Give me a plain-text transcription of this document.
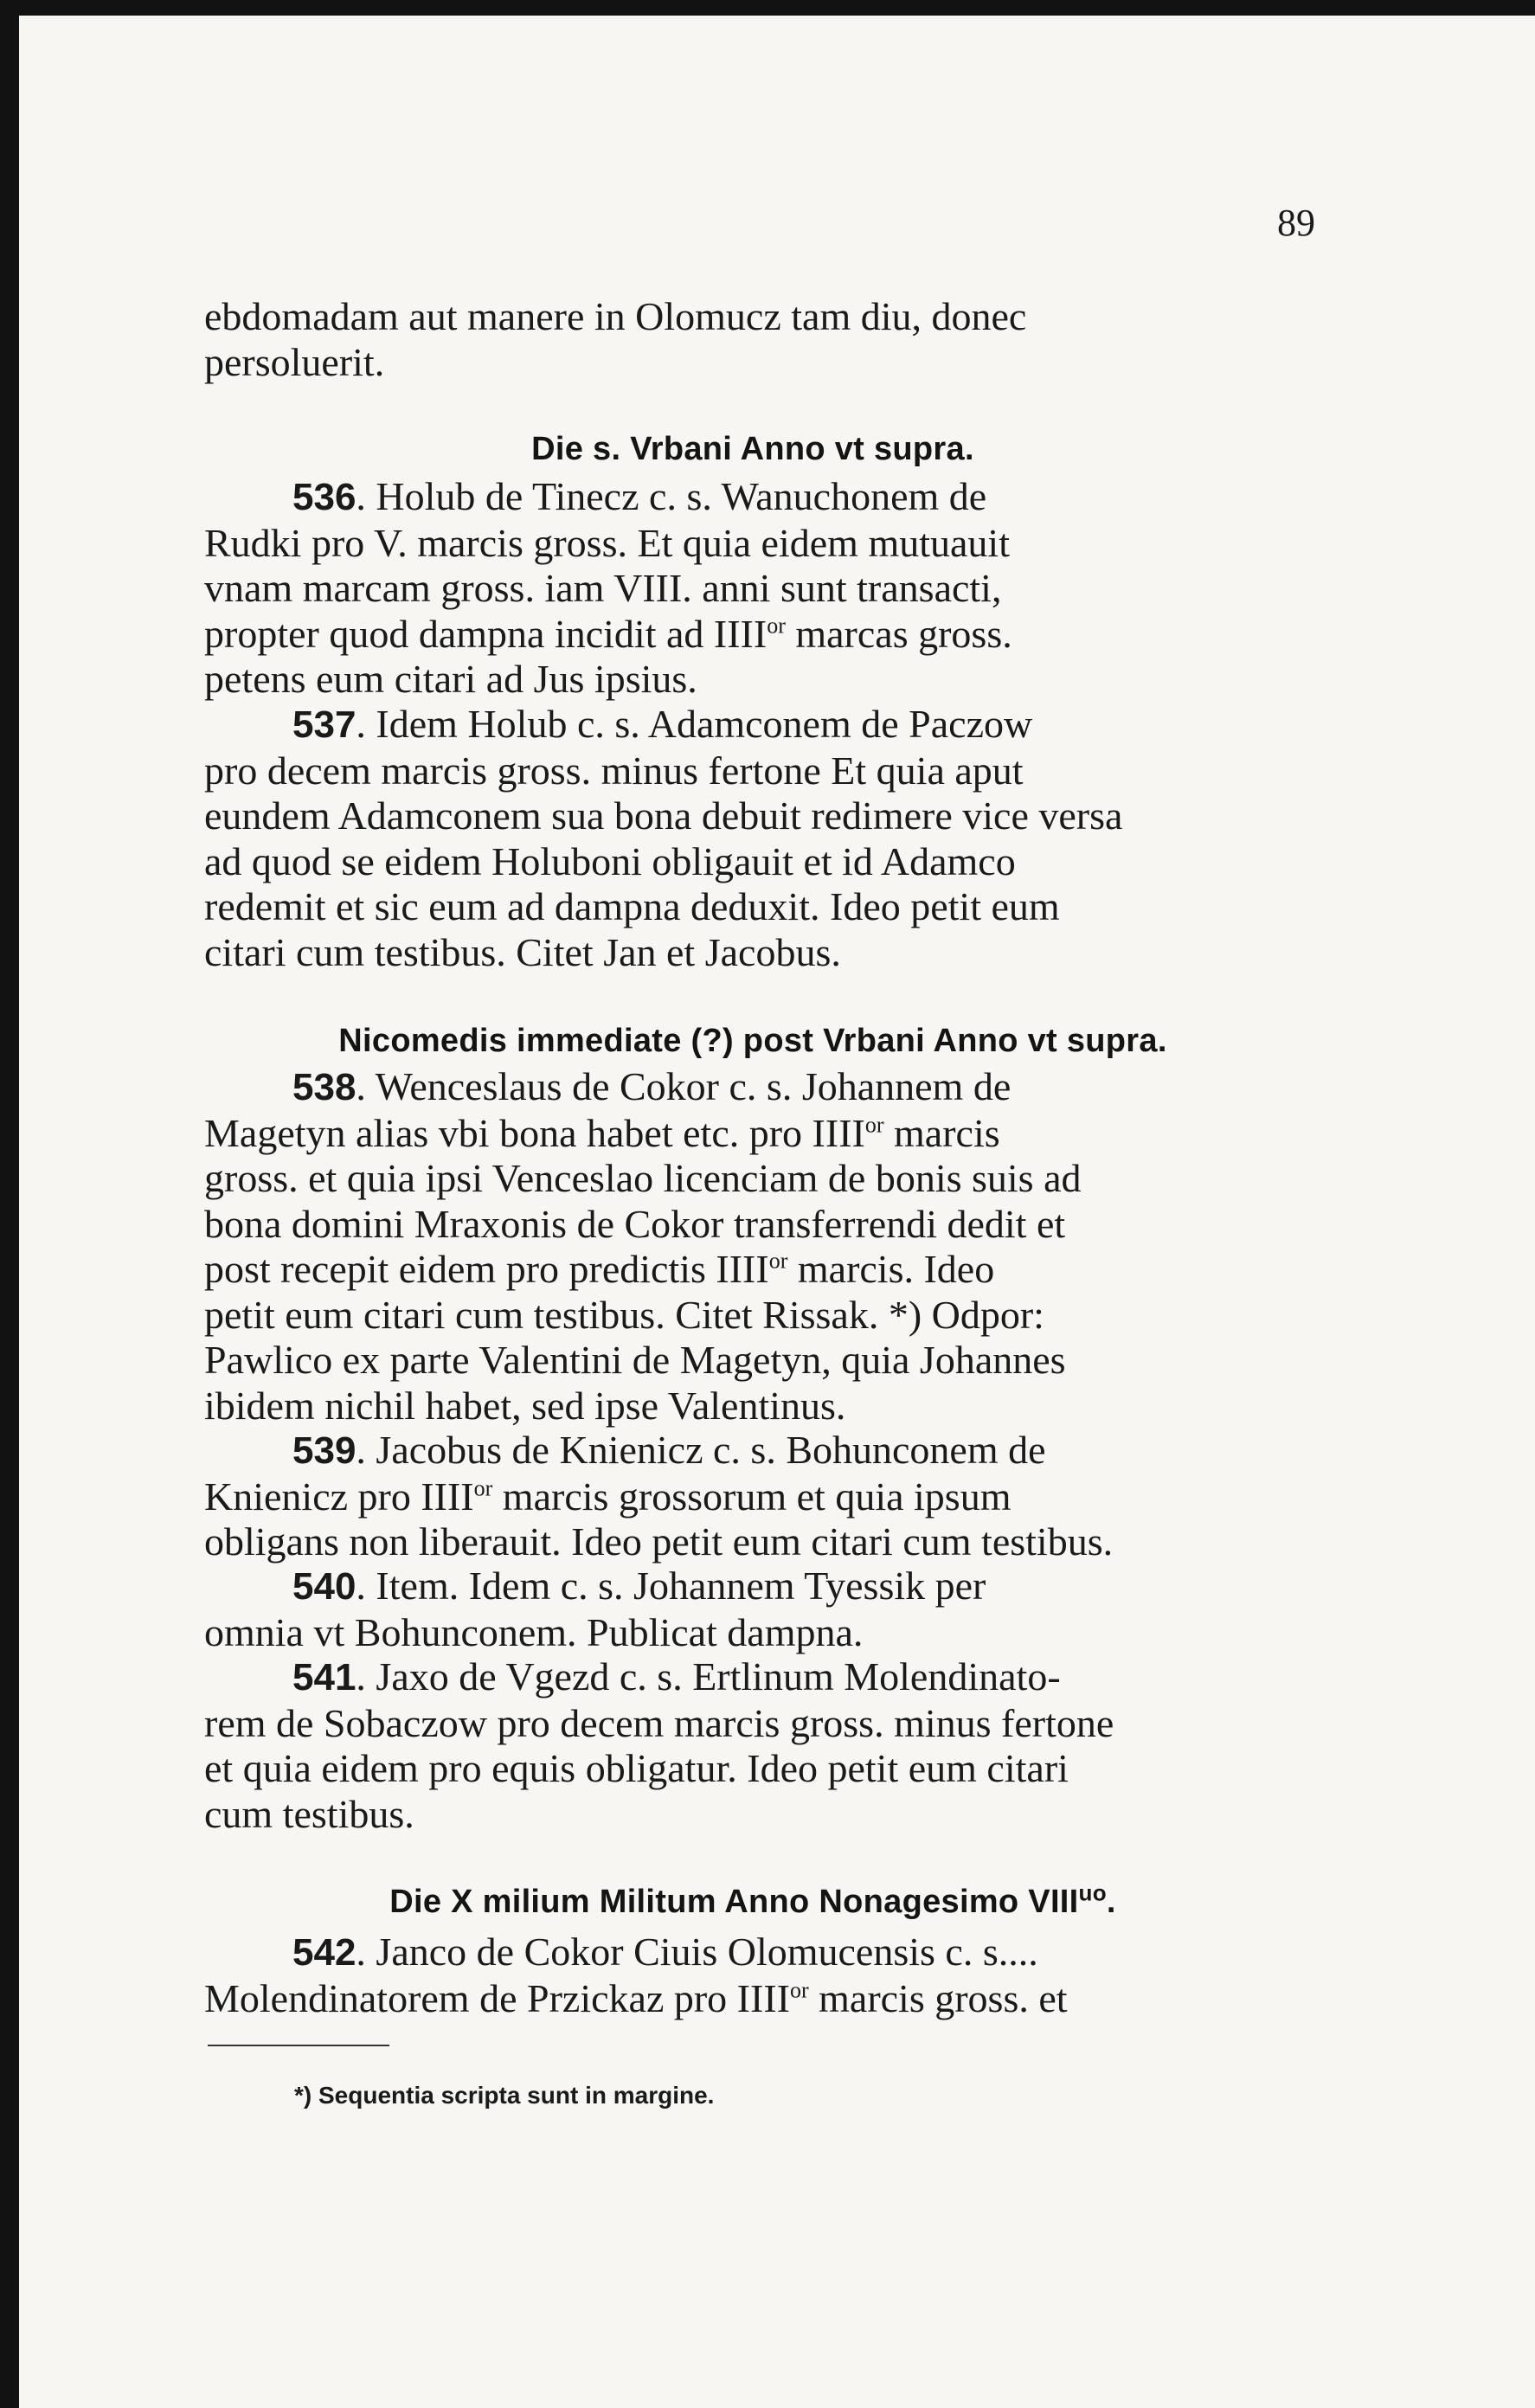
89
ebdomadam aut manere in Olomucz tam diu, donec
persoluerit.
Die s. Vrbani Anno vt supra.
536. Holub de Tinecz c. s. Wanuchonem de
Rudki pro V. marcis gross. Et quia eidem mutuauit
vnam marcam gross. iam VIII. anni sunt transacti,
propter quod dampna incidit ad $IIII^{or}$ marcas gross.
petens eum citari ad Jus ipsius.
537. Idem Holub c. s. Adamconem de Paczow
pro decem marcis gross. minus fertone Et quia aput
eundem Adamconem sua bona debuit redimere vice versa
ad quod se eidem Holuboni obligauit et id Adamco
redemit et sic eum ad dampna deduxit. Ideo petit eum
citari cum testibus. Citet Jan et Jacobus.
Nicomedis immediate (?) post Vrbani Anno vt supra.
538. Wenceslaus de Cokor c. s. Johannem de
Magetyn alias vbi bona habet etc. pro $IIII^{or}$ marcis
gross. et quia ipsi Venceslao licenciam de bonis suis ad
bona domini Mraxonis de Cokor transferrendi dedit et
post recepit eidem pro predictis $IIII^{or}$ marcis. Ideo
petit eum citari cum testibus. Citet Rissak. *) Odpor:
Pawlico ex parte Valentini de Magetyn, quia Johannes
ibidem nichil habet, sed ipse Valentinus.
539. Jacobus de Knienicz c. s. Bohunconem de
Knienicz pro $IIII^{or}$ marcis grossorum et quia ipsum
obligans non liberauit. Ideo petit eum citari cum testibus.
540. Item. Idem c. s. Johannem Tyessik per
omnia vt Bohunconem. Publicat dampna.
541. Jaxo de Vgezd c. s. Ertlinum Molendinato-
rem de Sobaczow pro decem marcis gross. minus fertone
et quia eidem pro equis obligatur. Ideo petit eum citari
cum testibus.
Die X milium Militum Anno Nonagesimo $VIII^{uo}$.
542. Janco de Cokor Ciuis Olomucensis c. s....
Molendinatorem de Przickaz pro $IIII^{or}$ marcis gross. et
*) Sequentia scripta sunt in margine.
